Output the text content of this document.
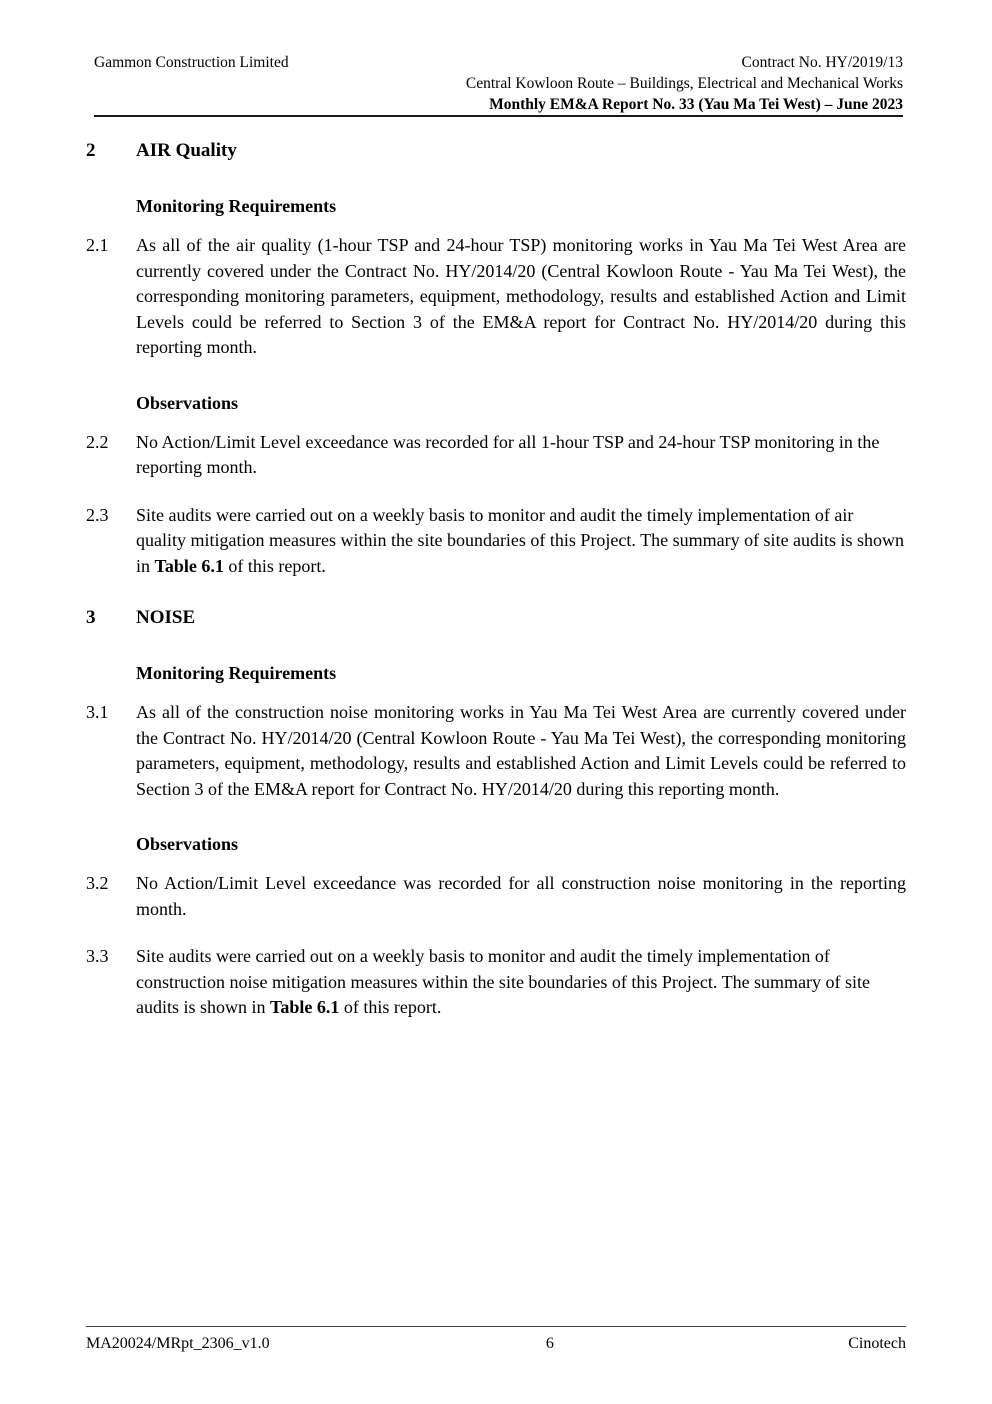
Gammon Construction Limited	Contract No. HY/2019/13
Central Kowloon Route – Buildings, Electrical and Mechanical Works
Monthly EM&A Report No. 33 (Yau Ma Tei West) – June 2023
2	AIR Quality
Monitoring Requirements
2.1	As all of the air quality (1-hour TSP and 24-hour TSP) monitoring works in Yau Ma Tei West Area are currently covered under the Contract No. HY/2014/20 (Central Kowloon Route - Yau Ma Tei West), the corresponding monitoring parameters, equipment, methodology, results and established Action and Limit Levels could be referred to Section 3 of the EM&A report for Contract No. HY/2014/20 during this reporting month.
Observations
2.2	No Action/Limit Level exceedance was recorded for all 1-hour TSP and 24-hour TSP monitoring in the reporting month.
2.3	Site audits were carried out on a weekly basis to monitor and audit the timely implementation of air quality mitigation measures within the site boundaries of this Project. The summary of site audits is shown in Table 6.1 of this report.
3	NOISE
Monitoring Requirements
3.1	As all of the construction noise monitoring works in Yau Ma Tei West Area are currently covered under the Contract No. HY/2014/20 (Central Kowloon Route - Yau Ma Tei West), the corresponding monitoring parameters, equipment, methodology, results and established Action and Limit Levels could be referred to Section 3 of the EM&A report for Contract No. HY/2014/20 during this reporting month.
Observations
3.2	No Action/Limit Level exceedance was recorded for all construction noise monitoring in the reporting month.
3.3	Site audits were carried out on a weekly basis to monitor and audit the timely implementation of construction noise mitigation measures within the site boundaries of this Project. The summary of site audits is shown in Table 6.1 of this report.
MA20024/MRpt_2306_v1.0	6	Cinotech
